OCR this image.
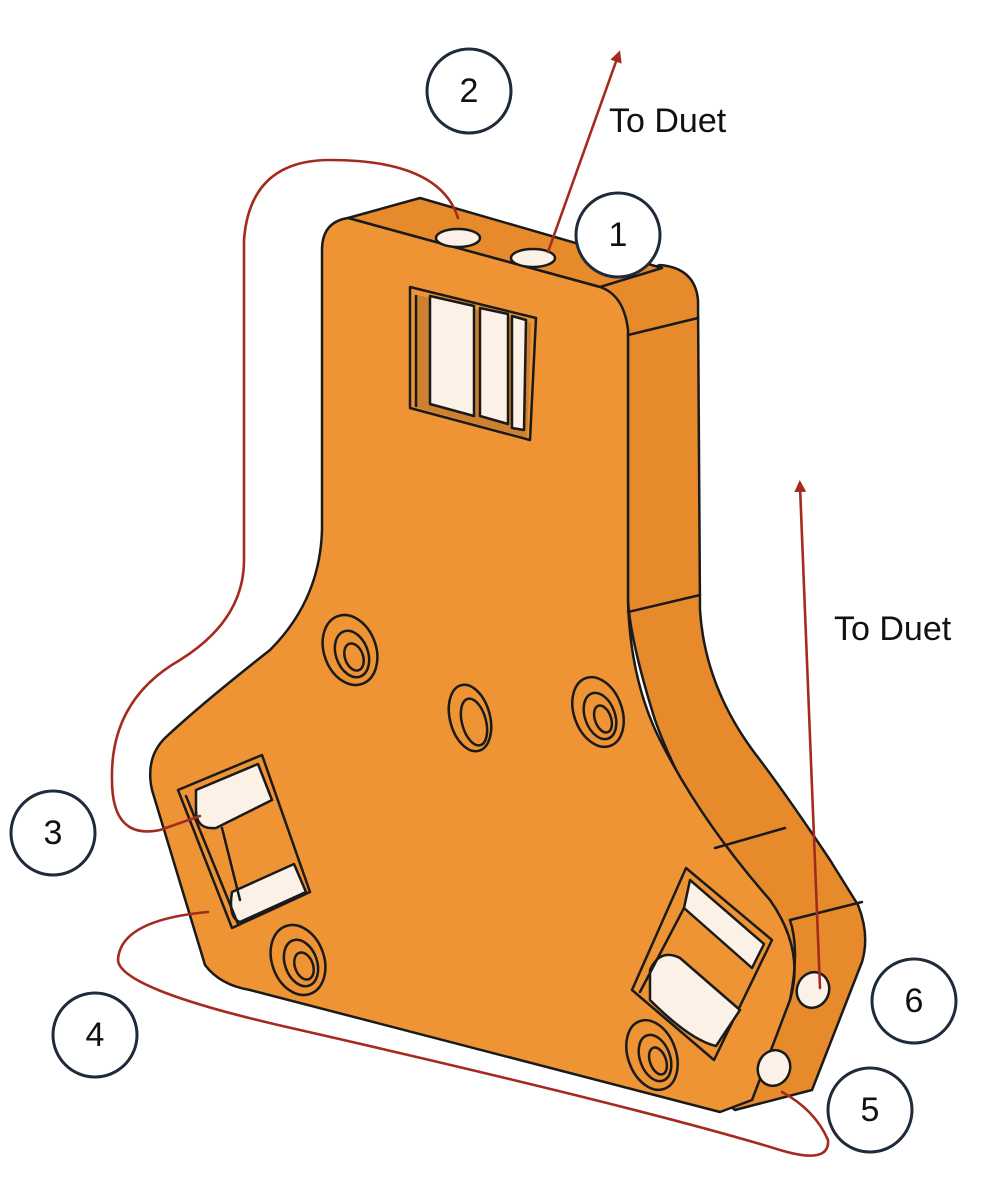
To Duet
To Duet
1
2
3
4
5
6
